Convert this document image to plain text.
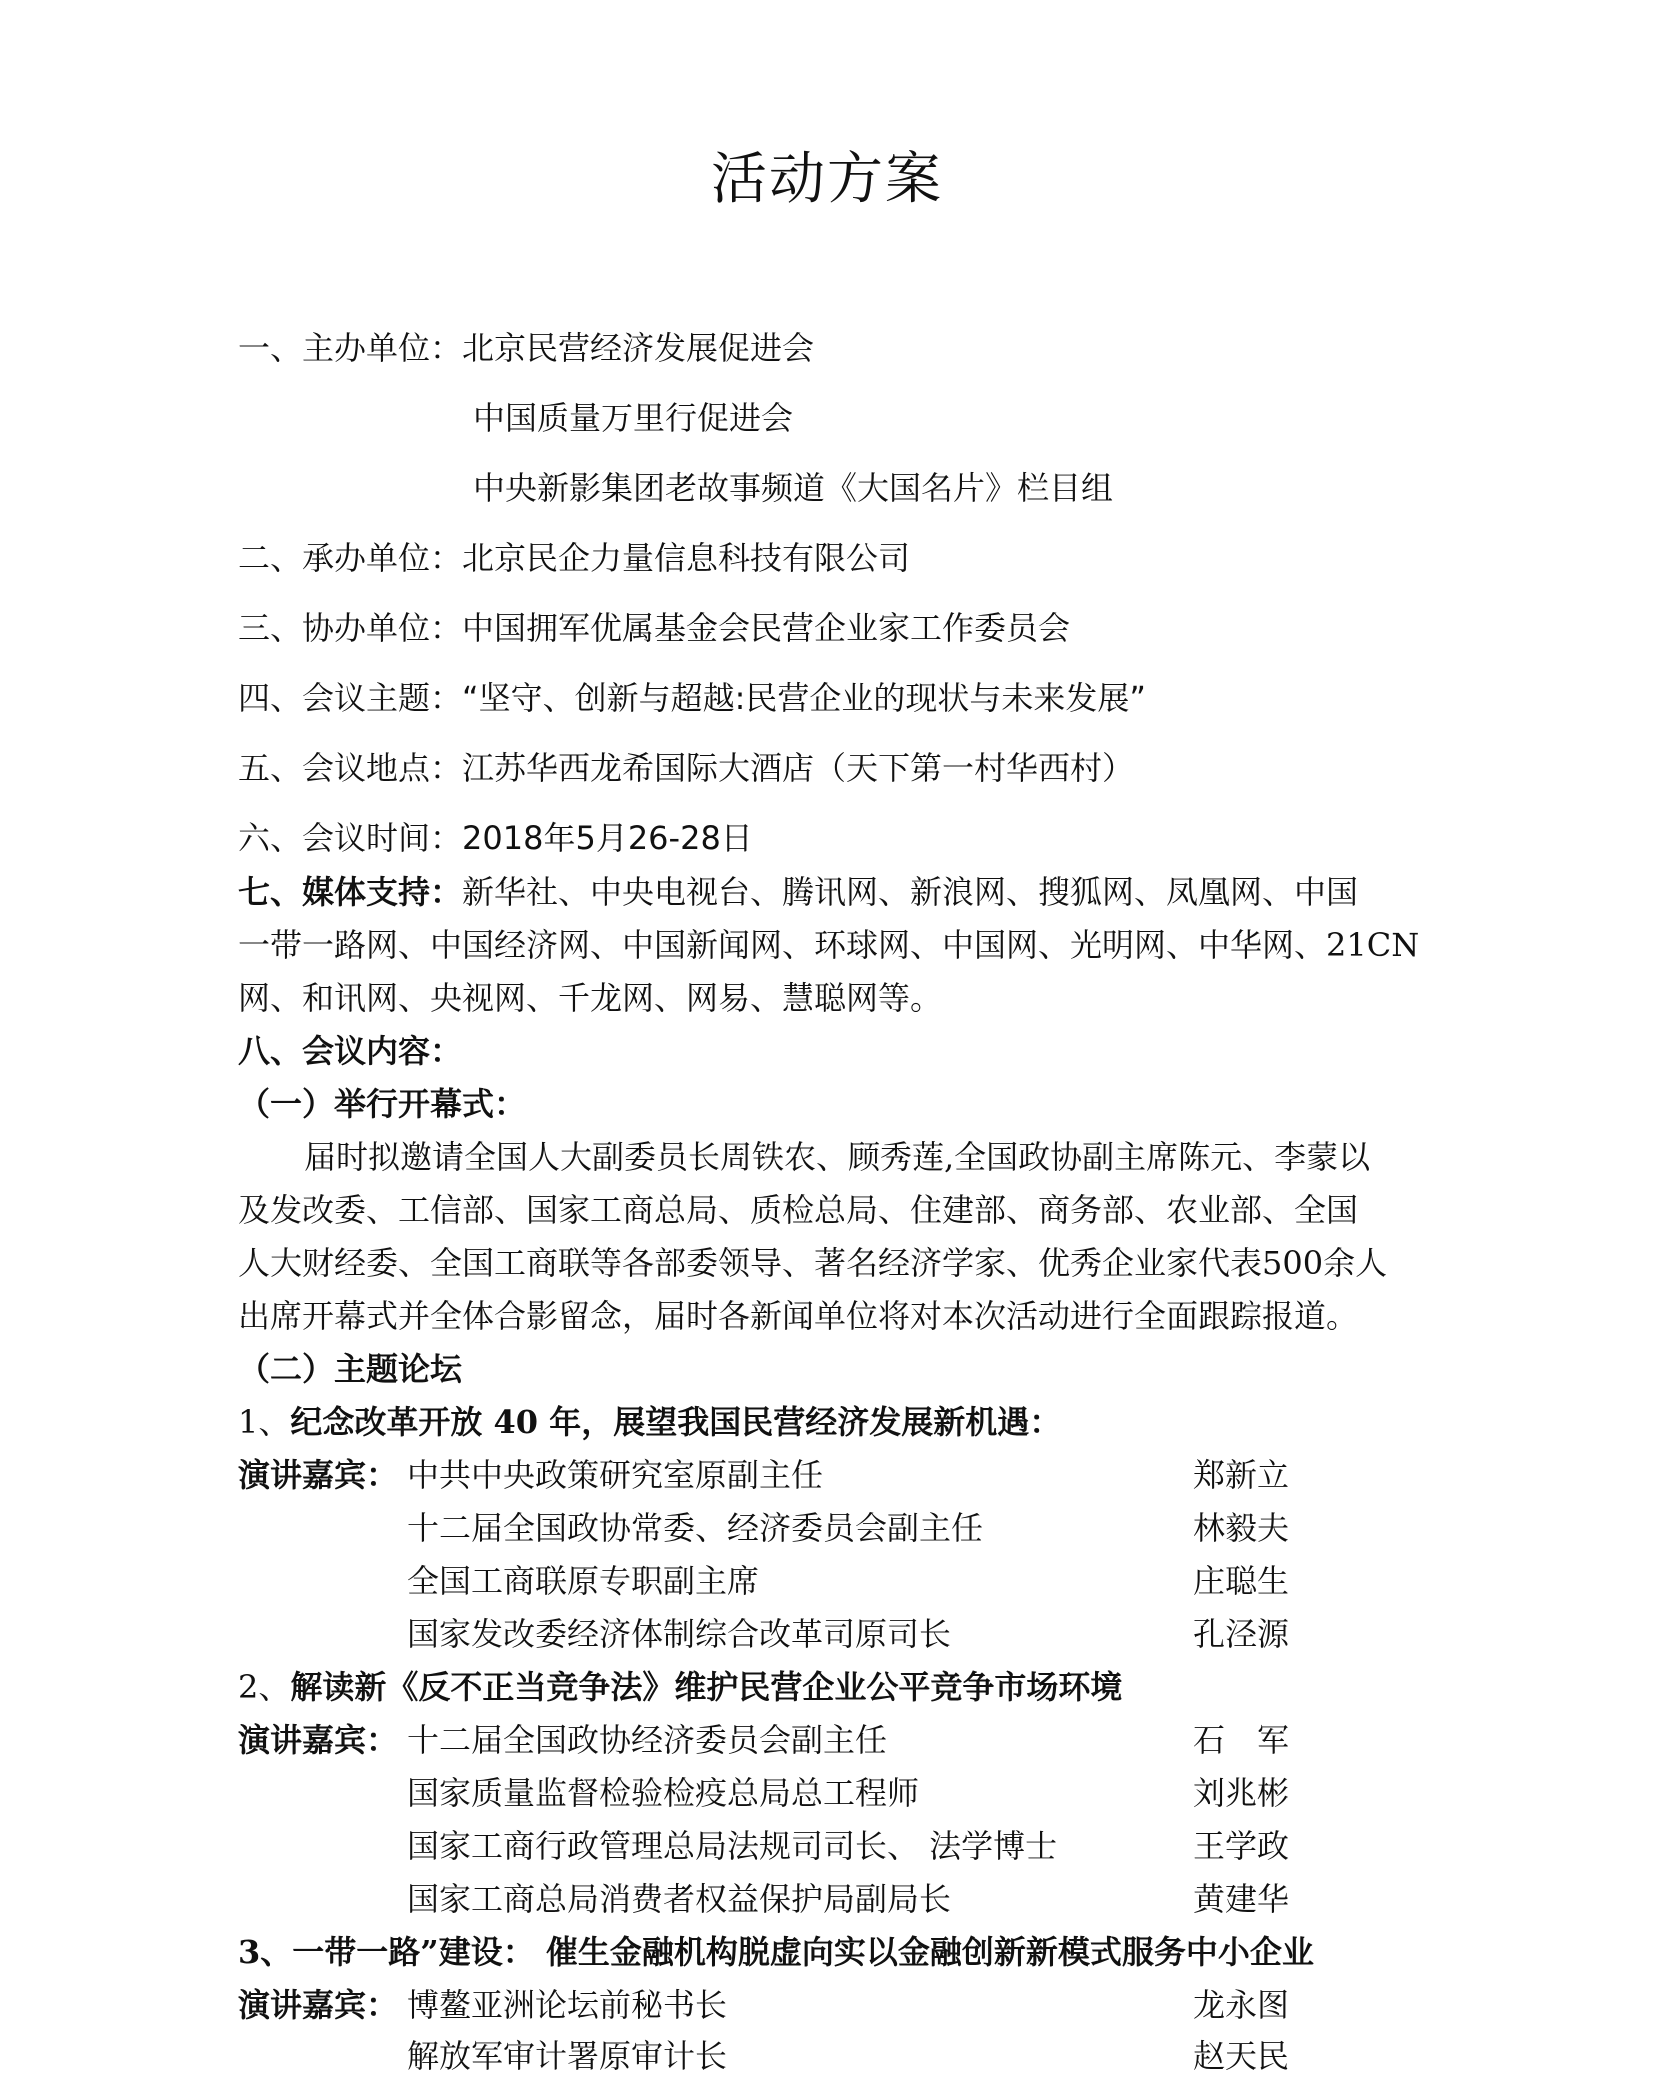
活动方案
一、主办单位：北京民营经济发展促进会
中国质量万里行促进会
中央新影集团老故事频道《大国名片》栏目组
二、承办单位：北京民企力量信息科技有限公司
三、协办单位：中国拥军优属基金会民营企业家工作委员会
四、会议主题：“坚守、创新与超越:民营企业的现状与未来发展”
五、会议地点：江苏华西龙希国际大酒店（天下第一村华西村）
六、会议时间：2018年5月26-28日
七、媒体支持：新华社、中央电视台、腾讯网、新浪网、搜狐网、凤凰网、中国
一带一路网、中国经济网、中国新闻网、环球网、中国网、光明网、中华网、21CN
网、和讯网、央视网、千龙网、网易、慧聪网等。
八、会议内容：
（一）举行开幕式：
届时拟邀请全国人大副委员长周铁农、顾秀莲,全国政协副主席陈元、李蒙以
及发改委、工信部、国家工商总局、质检总局、住建部、商务部、农业部、全国
人大财经委、全国工商联等各部委领导、著名经济学家、优秀企业家代表500余人
出席开幕式并全体合影留念，届时各新闻单位将对本次活动进行全面跟踪报道。
（二）主题论坛
1、纪念改革开放 40 年，展望我国民营经济发展新机遇：
演讲嘉宾： 中共中央政策研究室原副主任	郑新立
十二届全国政协常委、经济委员会副主任	林毅夫
全国工商联原专职副主席	庄聪生
国家发改委经济体制综合改革司原司长	孔泾源
2、解读新《反不正当竞争法》维护民营企业公平竞争市场环境
演讲嘉宾： 十二届全国政协经济委员会副主任	石　军
国家质量监督检验检疫总局总工程师	刘兆彬
国家工商行政管理总局法规司司长、 法学博士	王学政
国家工商总局消费者权益保护局副局长	黄建华
3、一带一路”建设： 催生金融机构脱虚向实以金融创新新模式服务中小企业
演讲嘉宾： 博鳌亚洲论坛前秘书长	龙永图
解放军审计署原审计长	赵天民
